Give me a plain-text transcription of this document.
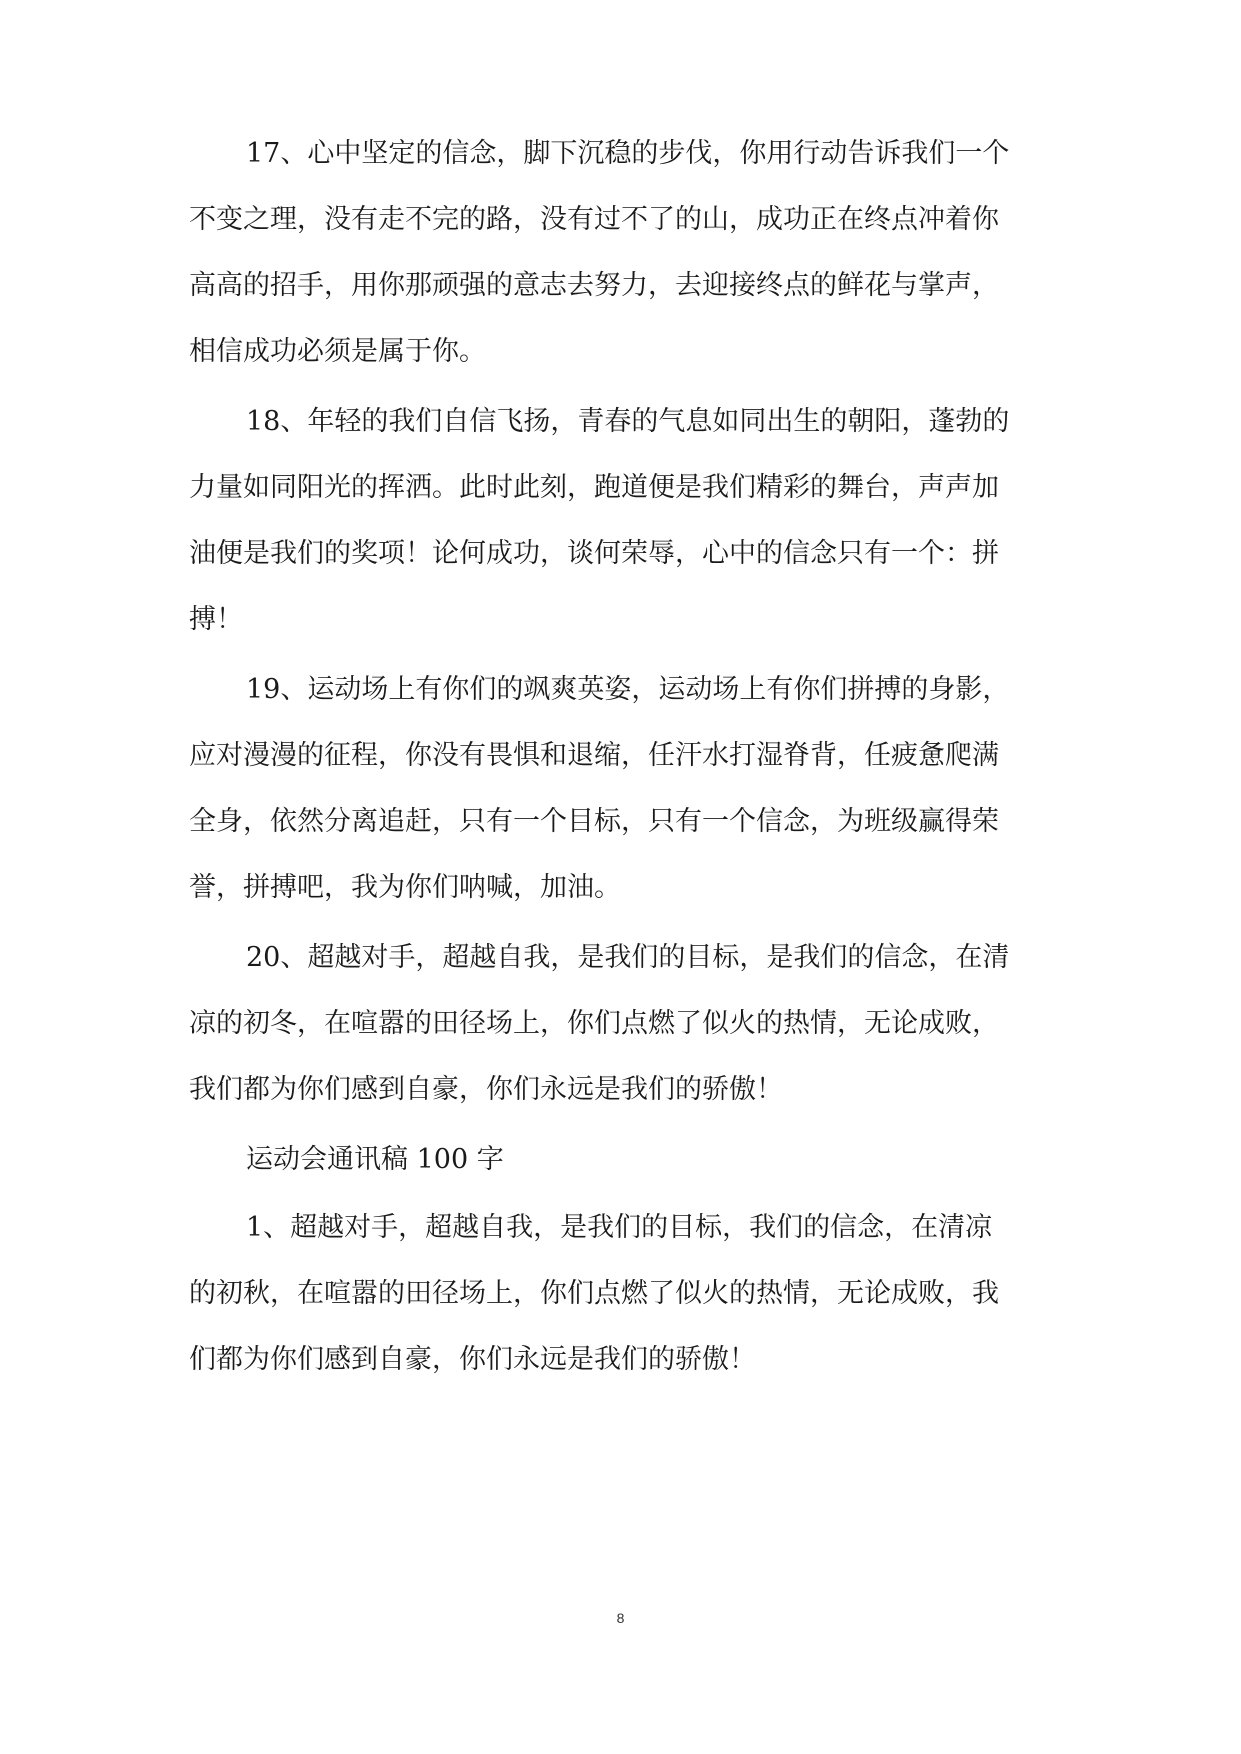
17、心中坚定的信念，脚下沉稳的步伐，你用行动告诉我们一个
不变之理，没有走不完的路，没有过不了的山，成功正在终点冲着你
高高的招手，用你那顽强的意志去努力，去迎接终点的鲜花与掌声，
相信成功必须是属于你。
18、年轻的我们自信飞扬，青春的气息如同出生的朝阳，蓬勃的
力量如同阳光的挥洒。此时此刻，跑道便是我们精彩的舞台，声声加
油便是我们的奖项！论何成功，谈何荣辱，心中的信念只有一个：拼
搏！
19、运动场上有你们的飒爽英姿，运动场上有你们拼搏的身影，
应对漫漫的征程，你没有畏惧和退缩，任汗水打湿脊背，任疲惫爬满
全身，依然分离追赶，只有一个目标，只有一个信念，为班级赢得荣
誉，拼搏吧，我为你们呐喊，加油。
20、超越对手，超越自我，是我们的目标，是我们的信念，在清
凉的初冬，在喧嚣的田径场上，你们点燃了似火的热情，无论成败，
我们都为你们感到自豪，你们永远是我们的骄傲！
运动会通讯稿 100 字
1、超越对手，超越自我，是我们的目标，我们的信念，在清凉
的初秋，在喧嚣的田径场上，你们点燃了似火的热情，无论成败，我
们都为你们感到自豪，你们永远是我们的骄傲！
8
